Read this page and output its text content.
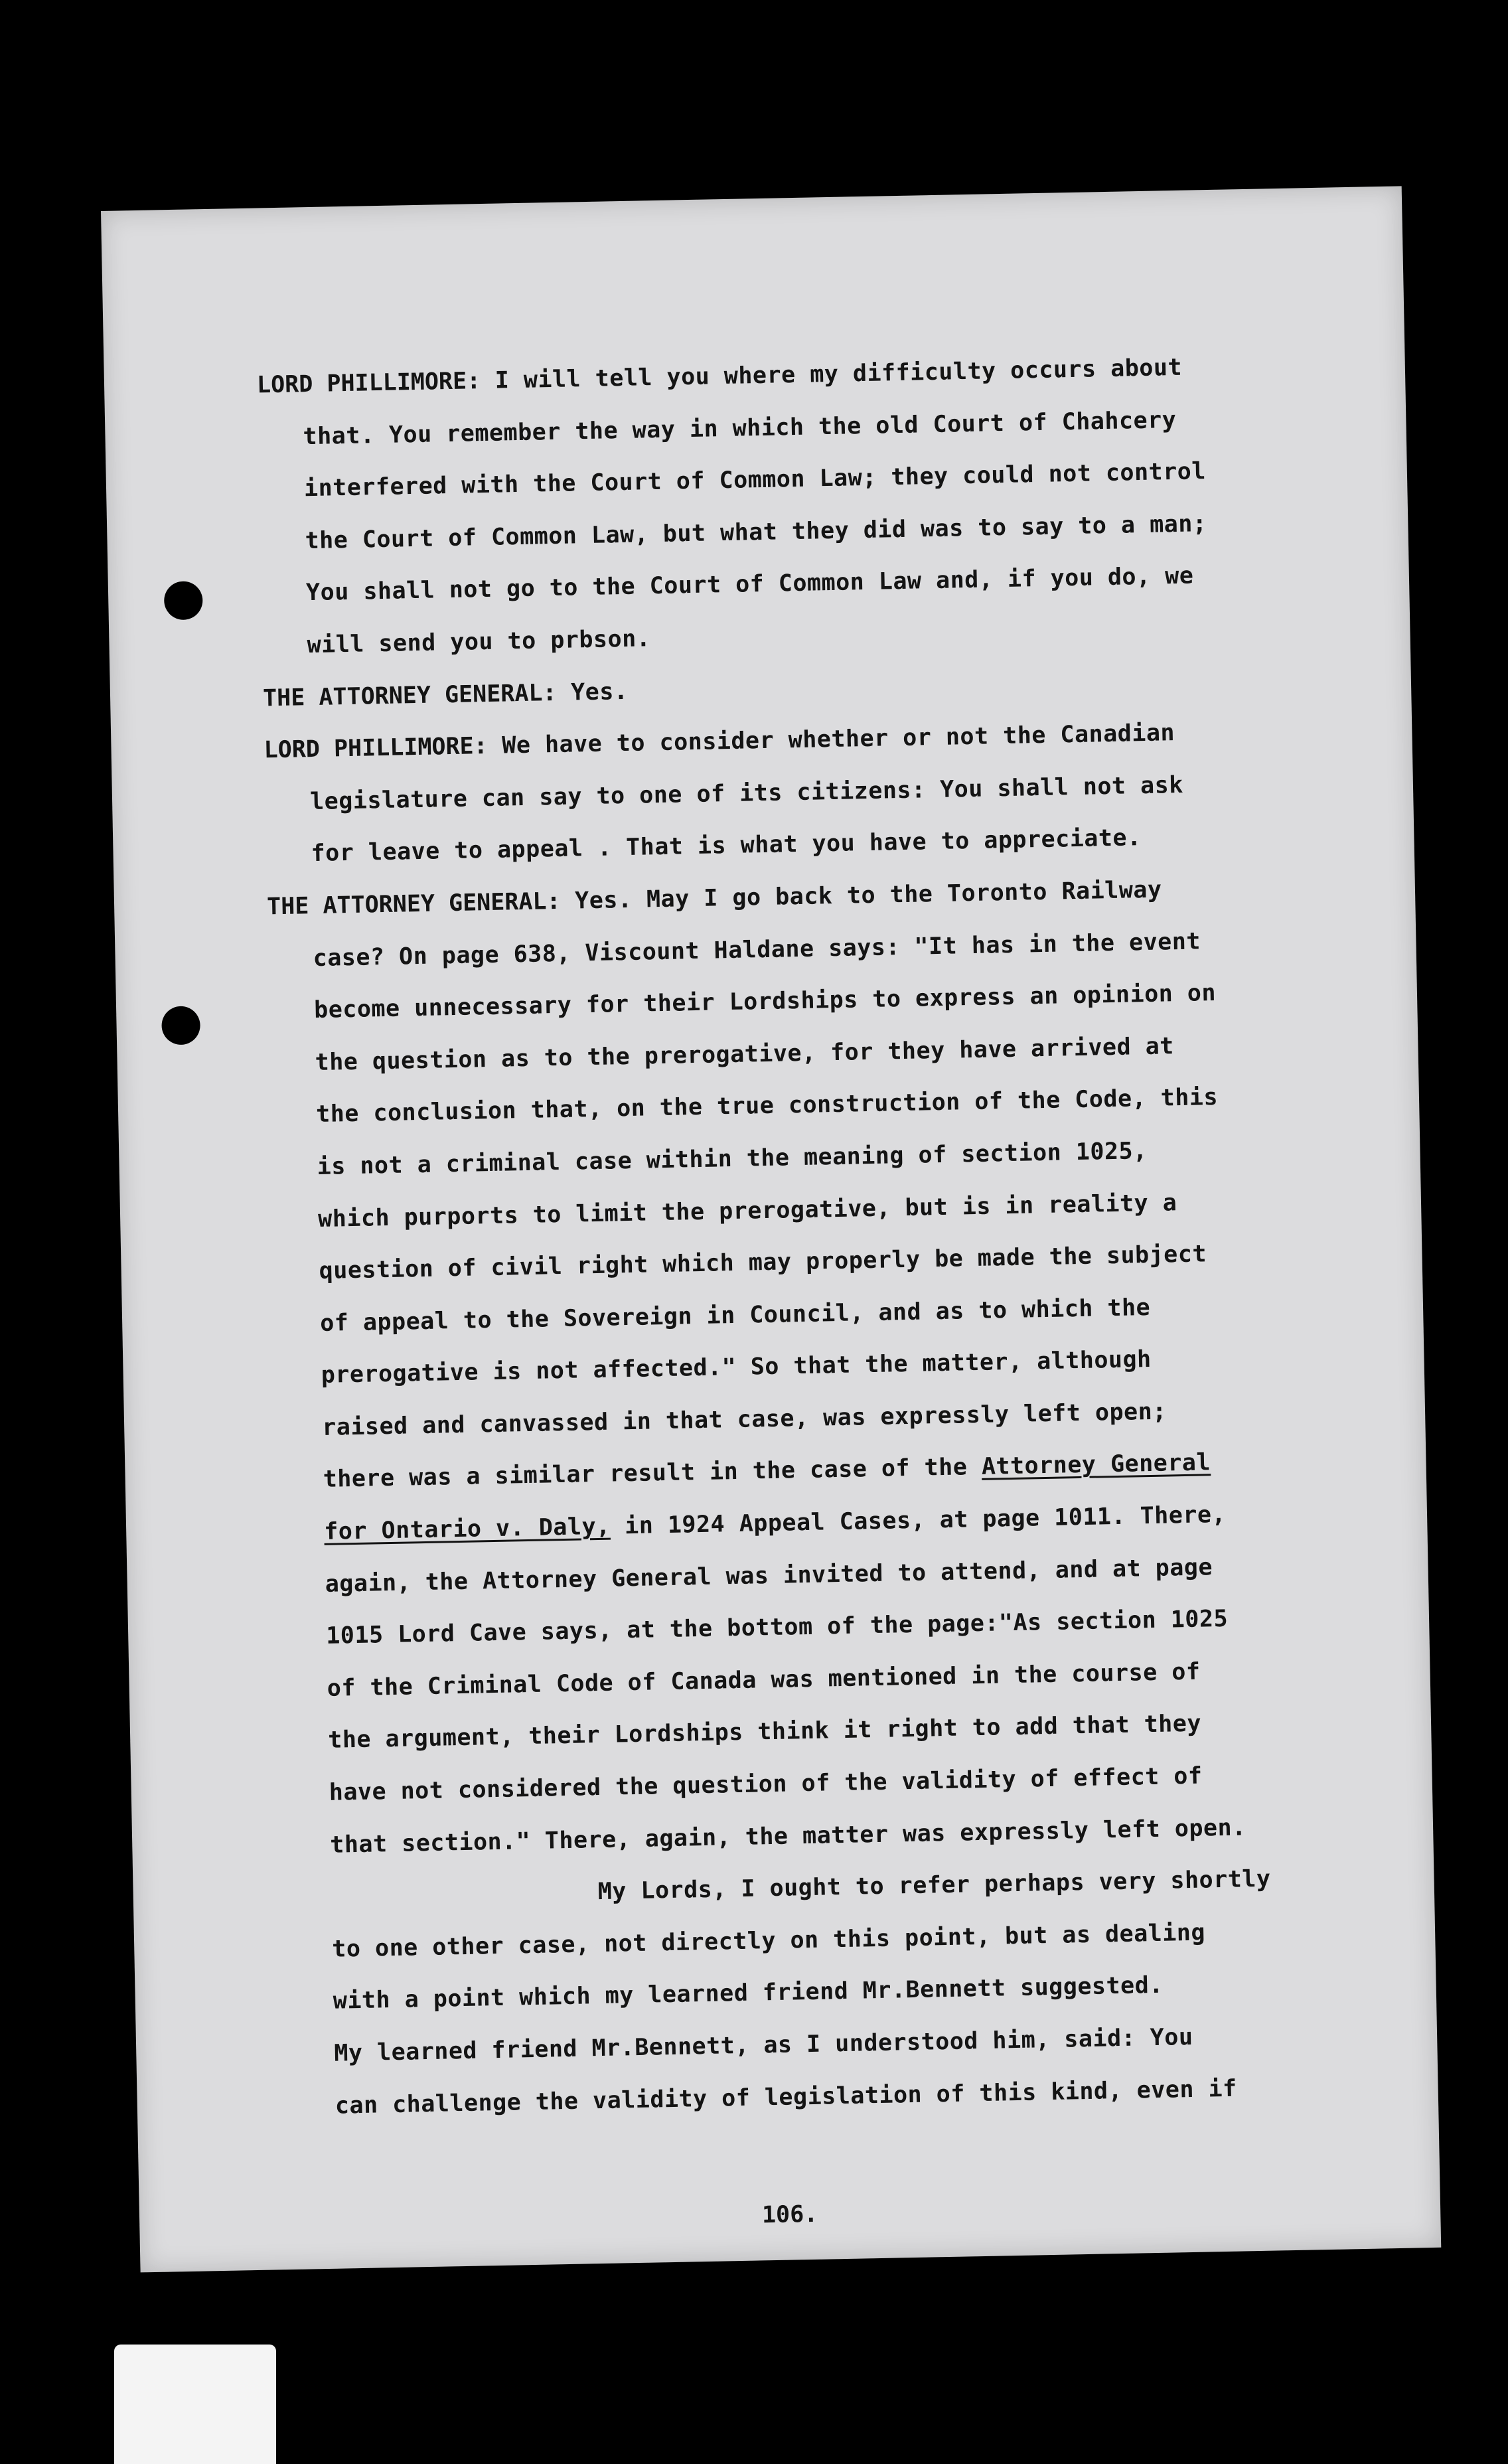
LORD PHILLIMORE: I will tell you where my difficulty occurs about
that. You remember the way in which the old Court of Chahcery
interfered with the Court of Common Law; they could not control
the Court of Common Law, but what they did was to say to a man;
You shall not go to the Court of Common Law and, if you do, we
will send you to prbson.
THE ATTORNEY GENERAL: Yes.
LORD PHILLIMORE: We have to consider whether or not the Canadian
legislature can say to one of its citizens: You shall not ask
for leave to appeal . That is what you have to appreciate.
THE ATTORNEY GENERAL: Yes. May I go back to the Toronto Railway
case? On page 638, Viscount Haldane says: "It has in the event
become unnecessary for their Lordships to express an opinion on
the question as to the prerogative, for they have arrived at
the conclusion that, on the true construction of the Code, this
is not a criminal case within the meaning of section 1025,
which purports to limit the prerogative, but is in reality a
question of civil right which may properly be made the subject
of appeal to the Sovereign in Council, and as to which the
prerogative is not affected." So that the matter, although
raised and canvassed in that case, was expressly left open;
there was a similar result in the case of the Attorney General
for Ontario v. Daly, in 1924 Appeal Cases, at page 1011. There,
again, the Attorney General was invited to attend, and at page
1015 Lord Cave says, at the bottom of the page:"As section 1025
of the Criminal Code of Canada was mentioned in the course of
the argument, their Lordships think it right to add that they
have not considered the question of the validity of effect of
that section." There, again, the matter was expressly left open.
My Lords, I ought to refer perhaps very shortly
to one other case, not directly on this point, but as dealing
with a point which my learned friend Mr.Bennett suggested.
My learned friend Mr.Bennett, as I understood him, said: You
can challenge the validity of legislation of this kind, even if
106.
